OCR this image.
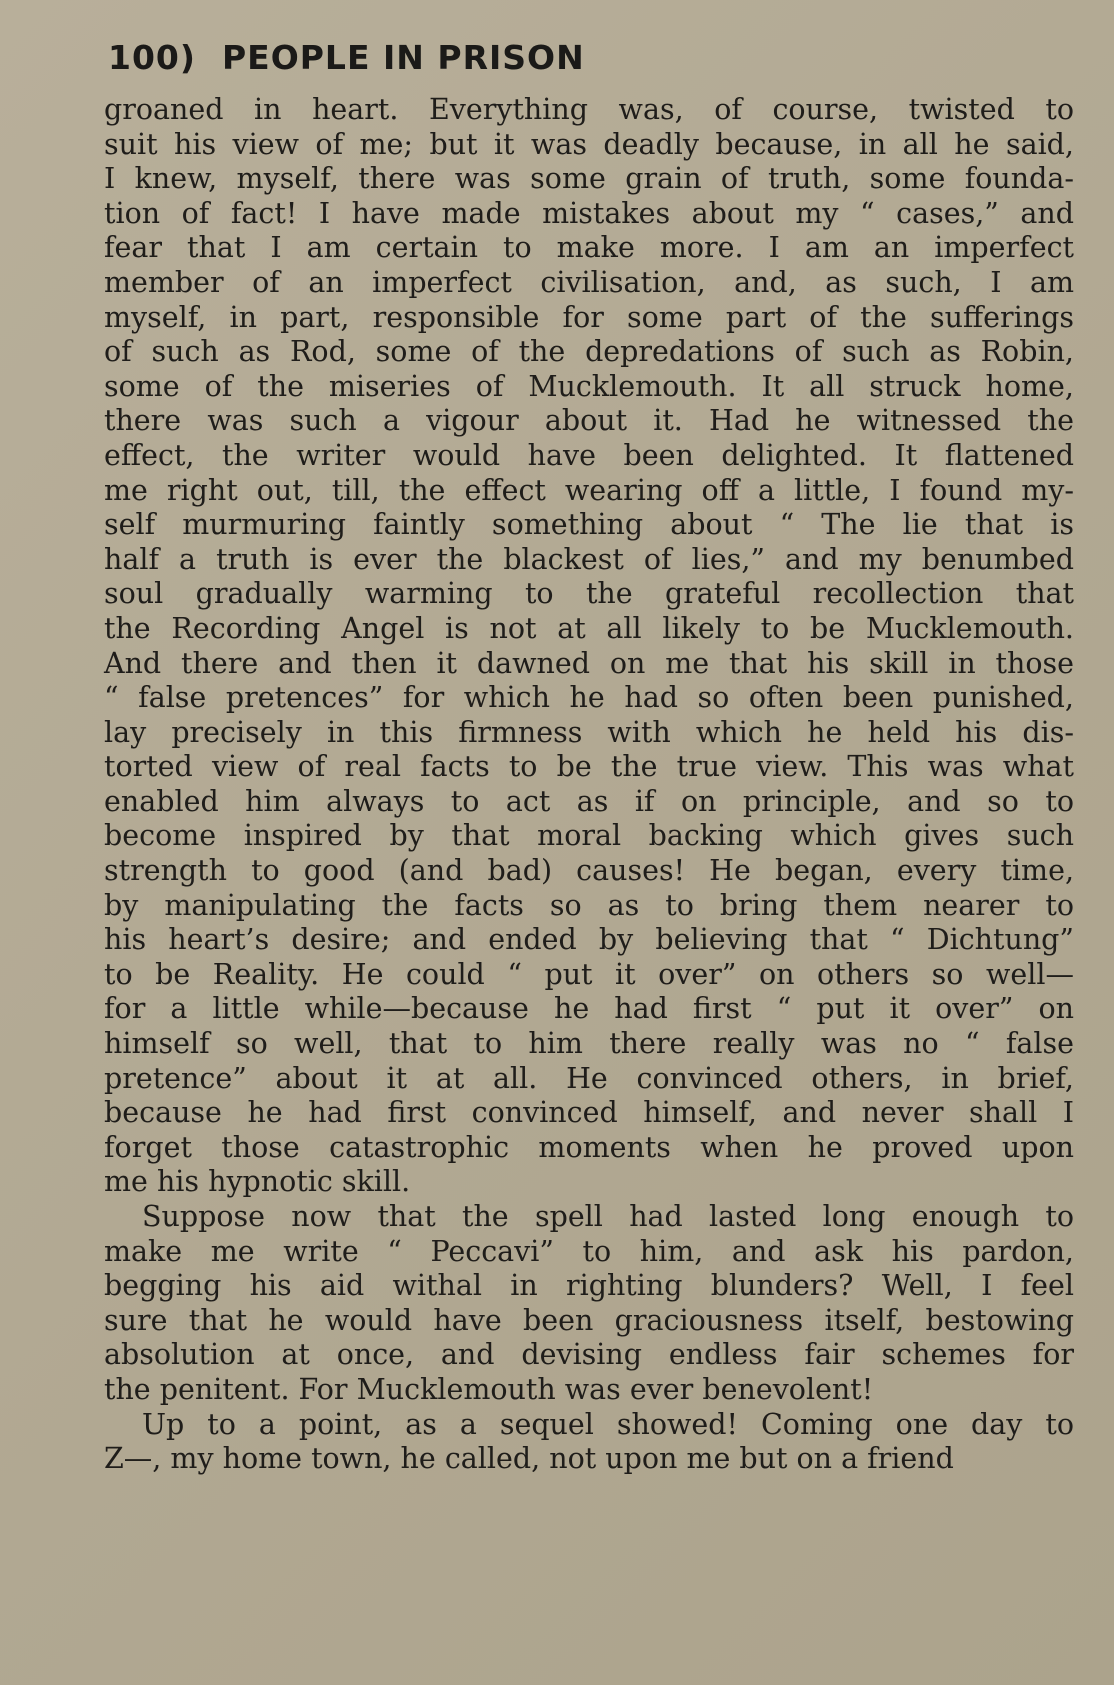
100) PEOPLE IN PRISON
groaned in heart. Everything was, of course, twisted to
suit his view of me; but it was deadly because, in all he said,
I knew, myself, there was some grain of truth, some founda-
tion of fact! I have made mistakes about my “ cases,” and
fear that I am certain to make more. I am an imperfect
member of an imperfect civilisation, and, as such, I am
myself, in part, responsible for some part of the sufferings
of such as Rod, some of the depredations of such as Robin,
some of the miseries of Mucklemouth. It all struck home,
there was such a vigour about it. Had he witnessed the
effect, the writer would have been delighted. It flattened
me right out, till, the effect wearing off a little, I found my-
self murmuring faintly something about “ The lie that is
half a truth is ever the blackest of lies,” and my benumbed
soul gradually warming to the grateful recollection that
the Recording Angel is not at all likely to be Mucklemouth.
And there and then it dawned on me that his skill in those
“ false pretences” for which he had so often been punished,
lay precisely in this firmness with which he held his dis-
torted view of real facts to be the true view. This was what
enabled him always to act as if on principle, and so to
become inspired by that moral backing which gives such
strength to good (and bad) causes! He began, every time,
by manipulating the facts so as to bring them nearer to
his heart’s desire; and ended by believing that “ Dichtung”
to be Reality. He could “ put it over” on others so well—
for a little while—because he had first “ put it over” on
himself so well, that to him there really was no “ false
pretence” about it at all. He convinced others, in brief,
because he had first convinced himself, and never shall I
forget those catastrophic moments when he proved upon
me his hypnotic skill.
Suppose now that the spell had lasted long enough to
make me write “ Peccavi” to him, and ask his pardon,
begging his aid withal in righting blunders? Well, I feel
sure that he would have been graciousness itself, bestowing
absolution at once, and devising endless fair schemes for
the penitent. For Mucklemouth was ever benevolent!
Up to a point, as a sequel showed! Coming one day to
Z—, my home town, he called, not upon me but on a friend
